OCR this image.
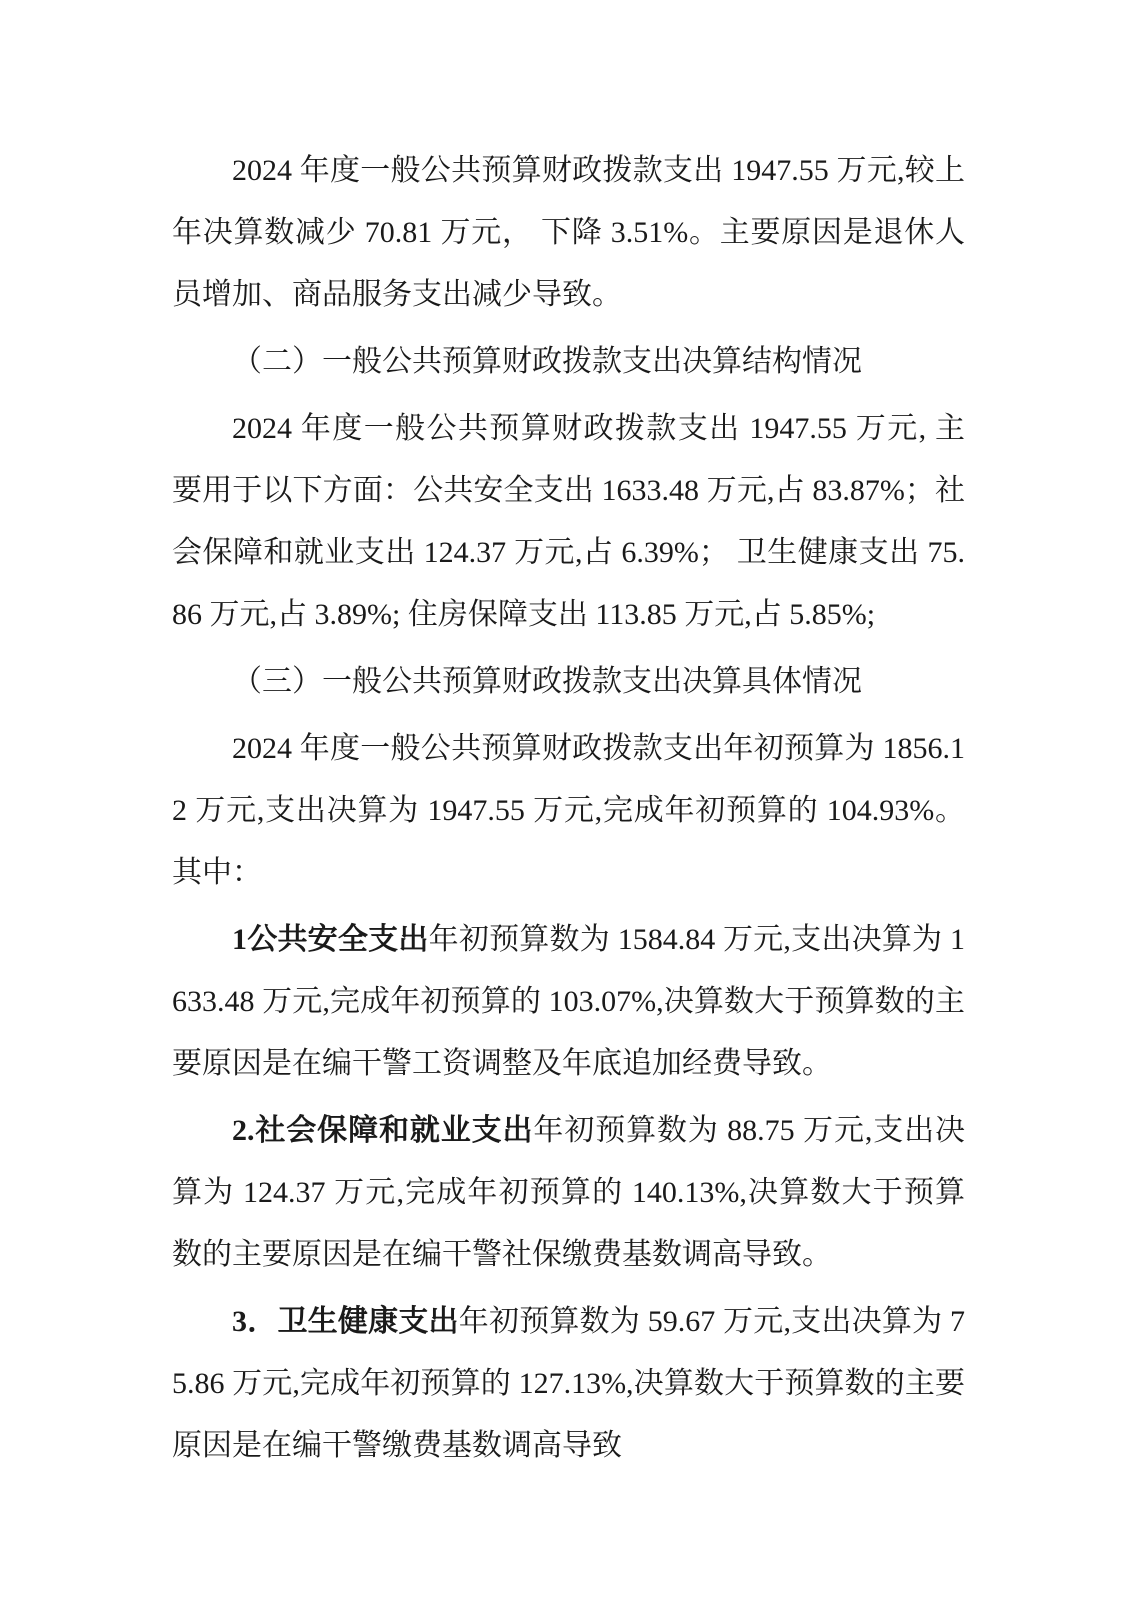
2024 年度一般公共预算财政拨款支出 1947.55 万元,较上年决算数减少 70.81 万元， 下降 3.51%。主要原因是退休人员增加、商品服务支出减少导致。

（二）一般公共预算财政拨款支出决算结构情况

2024 年度一般公共预算财政拨款支出 1947.55 万元, 主要用于以下方面：公共安全支出 1633.48 万元,占 83.87%；社会保障和就业支出 124.37 万元,占 6.39%； 卫生健康支出 75.86 万元,占 3.89%; 住房保障支出 113.85 万元,占 5.85%;

（三）一般公共预算财政拨款支出决算具体情况

2024 年度一般公共预算财政拨款支出年初预算为 1856.12 万元,支出决算为 1947.55 万元,完成年初预算的 104.93%。其中：

1公共安全支出年初预算数为 1584.84 万元,支出决算为 1633.48 万元,完成年初预算的 103.07%,决算数大于预算数的主要原因是在编干警工资调整及年底追加经费导致。

2.社会保障和就业支出年初预算数为 88.75 万元,支出决算为 124.37 万元,完成年初预算的 140.13%,决算数大于预算数的主要原因是在编干警社保缴费基数调高导致。

3．卫生健康支出年初预算数为 59.67 万元,支出决算为 75.86 万元,完成年初预算的 127.13%,决算数大于预算数的主要原因是在编干警缴费基数调高导致
